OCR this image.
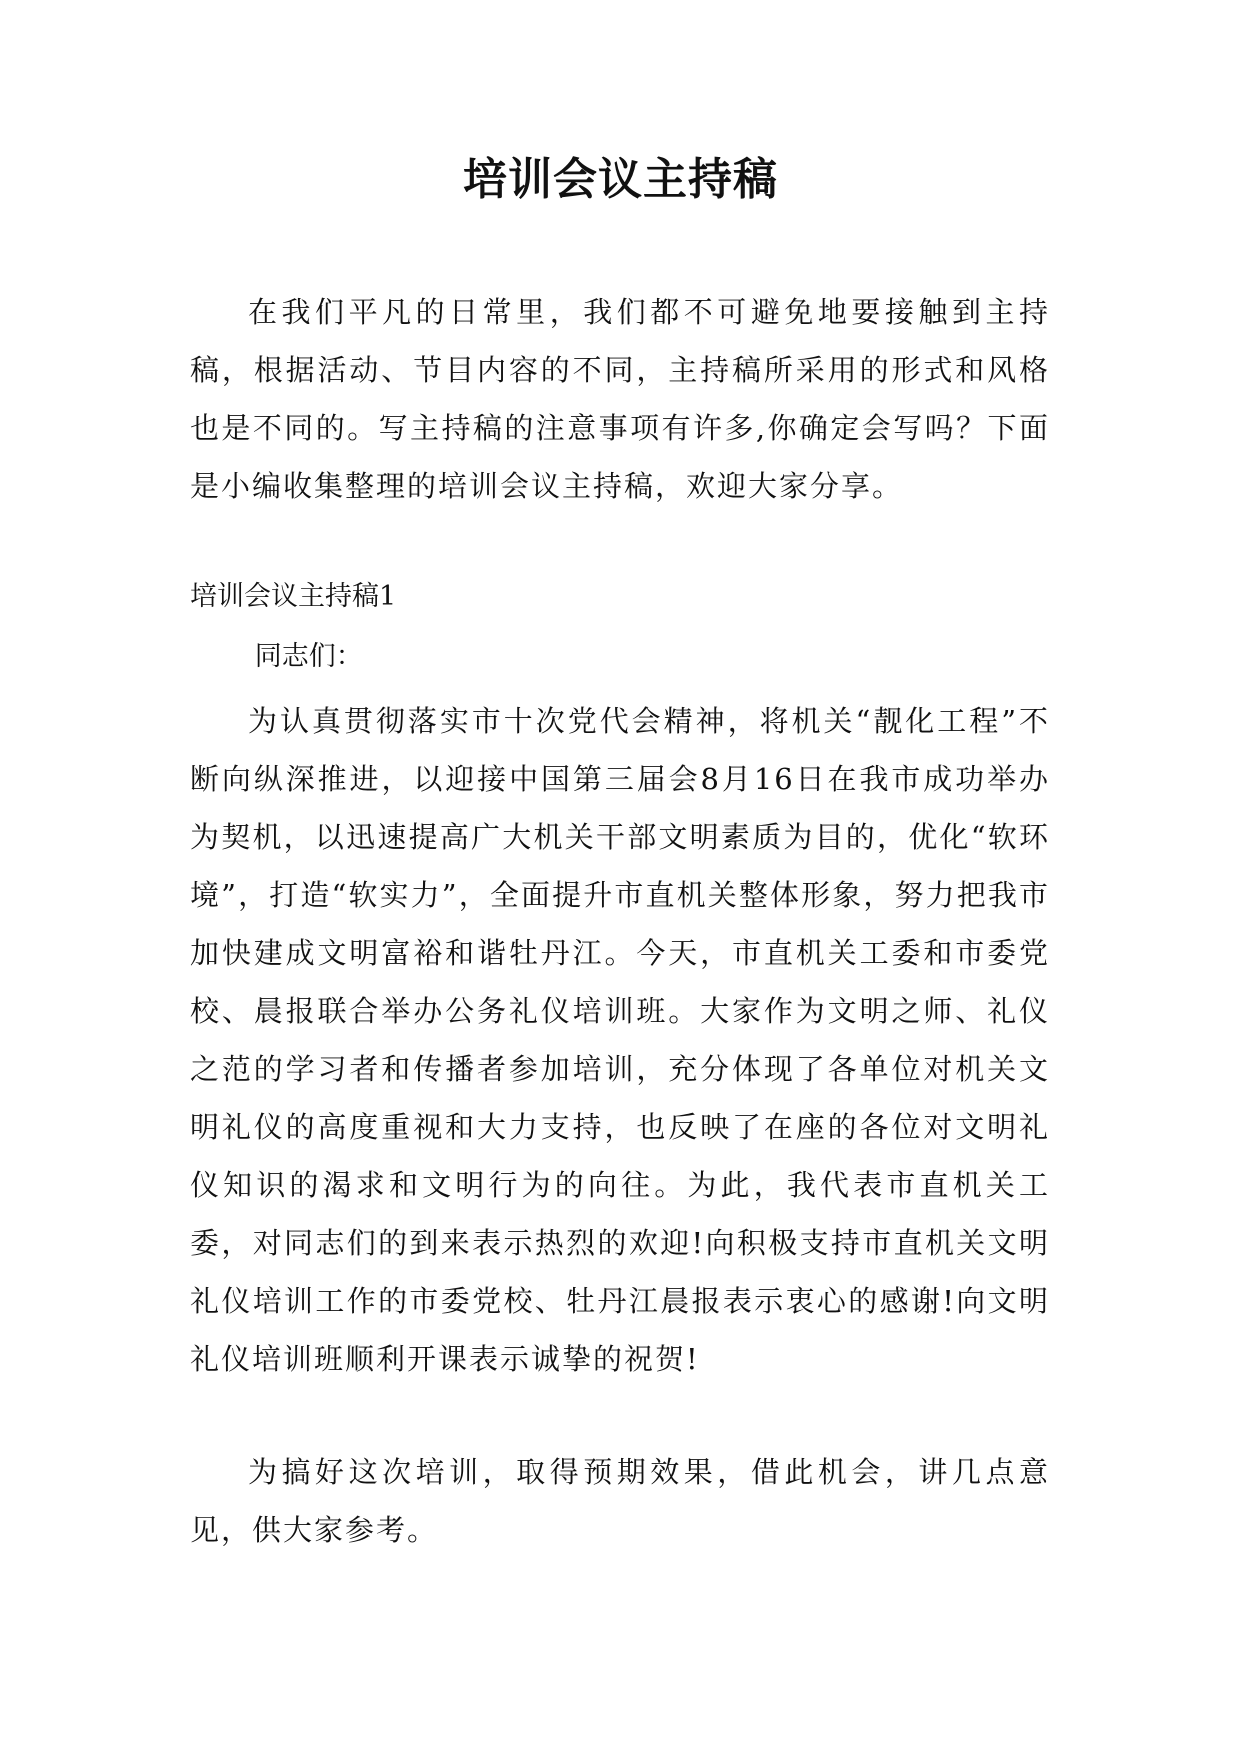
培训会议主持稿

在我们平凡的日常里，我们都不可避免地要接触到主持稿，根据活动、节目内容的不同，主持稿所采用的形式和风格也是不同的。写主持稿的注意事项有许多,你确定会写吗？下面是小编收集整理的培训会议主持稿，欢迎大家分享。

培训会议主持稿1

同志们：

为认真贯彻落实市十次党代会精神，将机关“靓化工程”不断向纵深推进，以迎接中国第三届会8月16日在我市成功举办为契机，以迅速提高广大机关干部文明素质为目的，优化“软环境”，打造“软实力”，全面提升市直机关整体形象，努力把我市加快建成文明富裕和谐牡丹江。今天，市直机关工委和市委党校、晨报联合举办公务礼仪培训班。大家作为文明之师、礼仪之范的学习者和传播者参加培训，充分体现了各单位对机关文明礼仪的高度重视和大力支持，也反映了在座的各位对文明礼仪知识的渴求和文明行为的向往。为此，我代表市直机关工委，对同志们的到来表示热烈的欢迎!向积极支持市直机关文明礼仪培训工作的市委党校、牡丹江晨报表示衷心的感谢!向文明礼仪培训班顺利开课表示诚挚的祝贺!

为搞好这次培训，取得预期效果，借此机会，讲几点意见，供大家参考。
